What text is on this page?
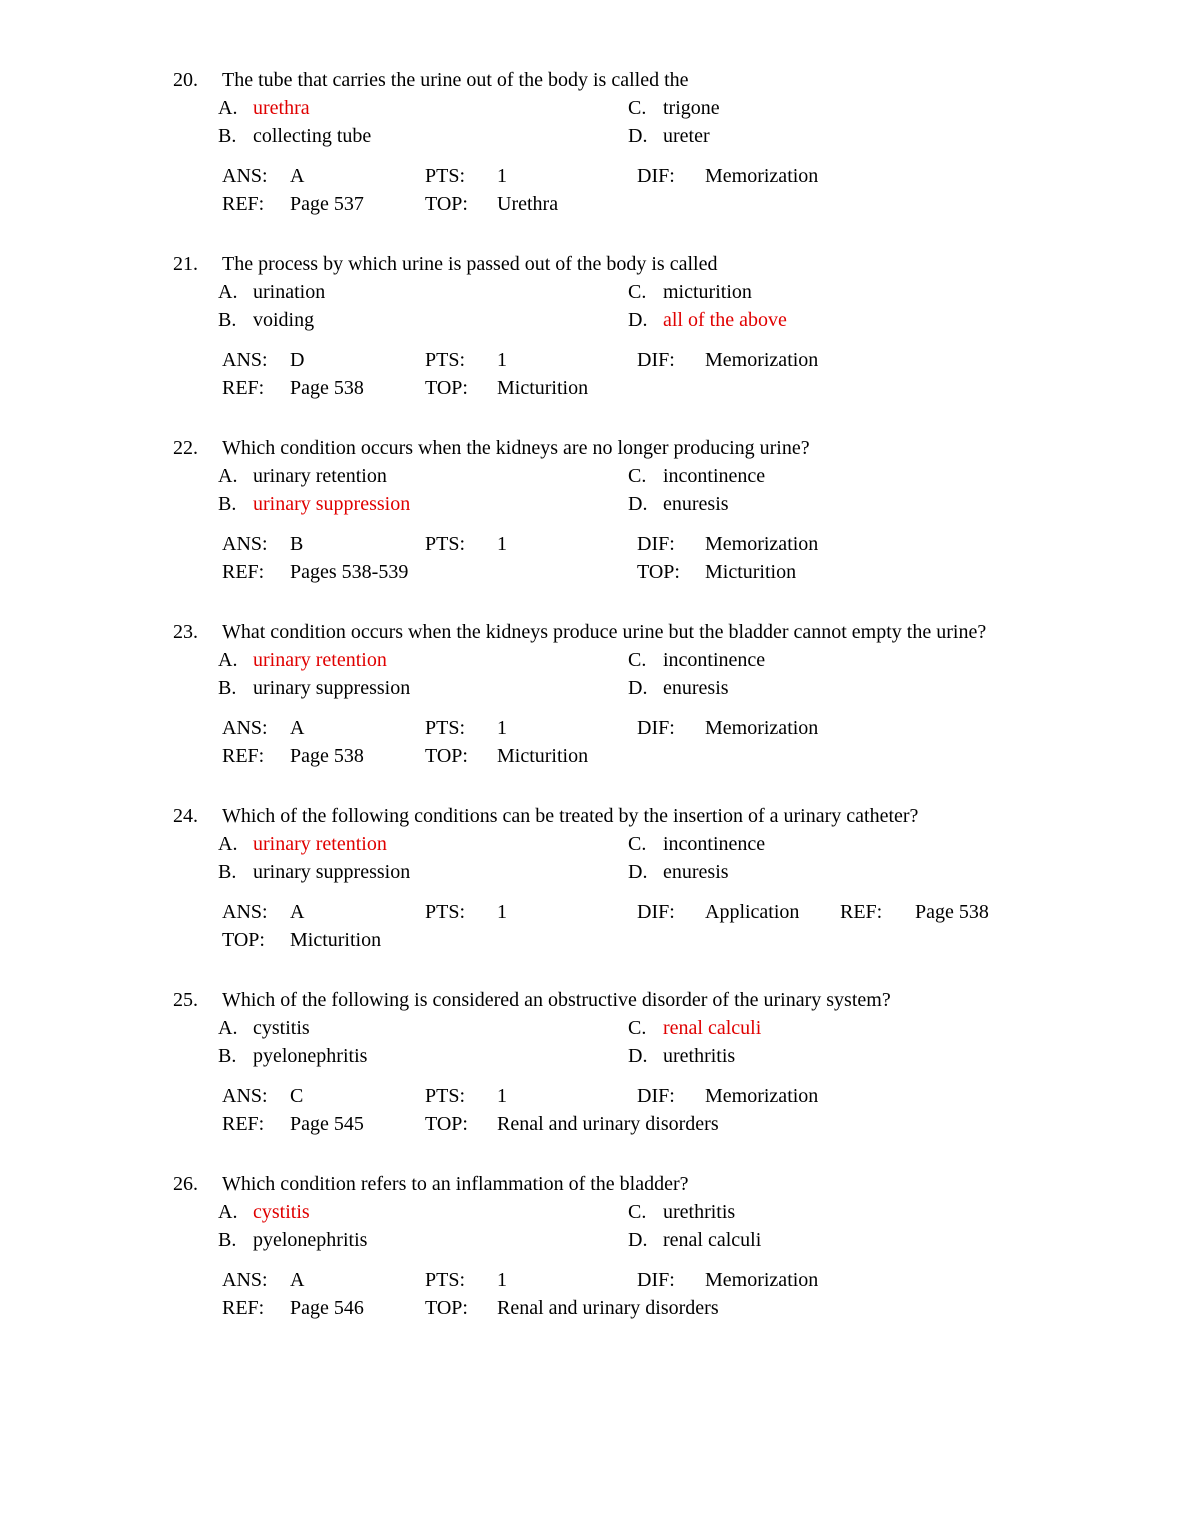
20.	The tube that carries the urine out of the body is called the
A. urethra
B. collecting tube
C. trigone
D. ureter
ANS: A	PTS: 1	DIF: Memorization
REF: Page 537	TOP: Urethra
21.	The process by which urine is passed out of the body is called
A. urination
B. voiding
C. micturition
D. all of the above
ANS: D	PTS: 1	DIF: Memorization
REF: Page 538	TOP: Micturition
22.	Which condition occurs when the kidneys are no longer producing urine?
A. urinary retention
B. urinary suppression
C. incontinence
D. enuresis
ANS: B	PTS: 1	DIF: Memorization
REF: Pages 538-539	TOP: Micturition
23.	What condition occurs when the kidneys produce urine but the bladder cannot empty the urine?
A. urinary retention
B. urinary suppression
C. incontinence
D. enuresis
ANS: A	PTS: 1	DIF: Memorization
REF: Page 538	TOP: Micturition
24.	Which of the following conditions can be treated by the insertion of a urinary catheter?
A. urinary retention
B. urinary suppression
C. incontinence
D. enuresis
ANS: A	PTS: 1	DIF: Application REF: Page 538
TOP: Micturition
25.	Which of the following is considered an obstructive disorder of the urinary system?
A. cystitis
B. pyelonephritis
C. renal calculi
D. urethritis
ANS: C	PTS: 1	DIF: Memorization
REF: Page 545	TOP: Renal and urinary disorders
26.	Which condition refers to an inflammation of the bladder?
A. cystitis
B. pyelonephritis
C. urethritis
D. renal calculi
ANS: A	PTS: 1	DIF: Memorization
REF: Page 546	TOP: Renal and urinary disorders
